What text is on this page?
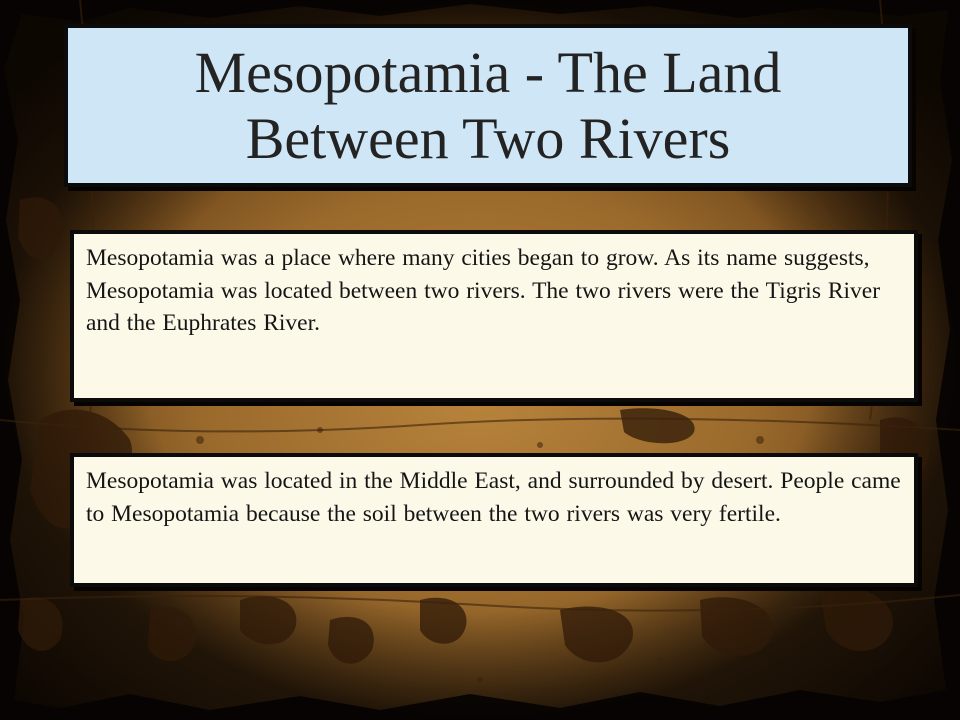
Mesopotamia - The Land Between Two Rivers

Mesopotamia was a place where many cities began to grow. As its name suggests, Mesopotamia was located between two rivers. The two rivers were the Tigris River and the Euphrates River.

Mesopotamia was located in the Middle East, and surrounded by desert. People came to Mesopotamia because the soil between the two rivers was very fertile.
